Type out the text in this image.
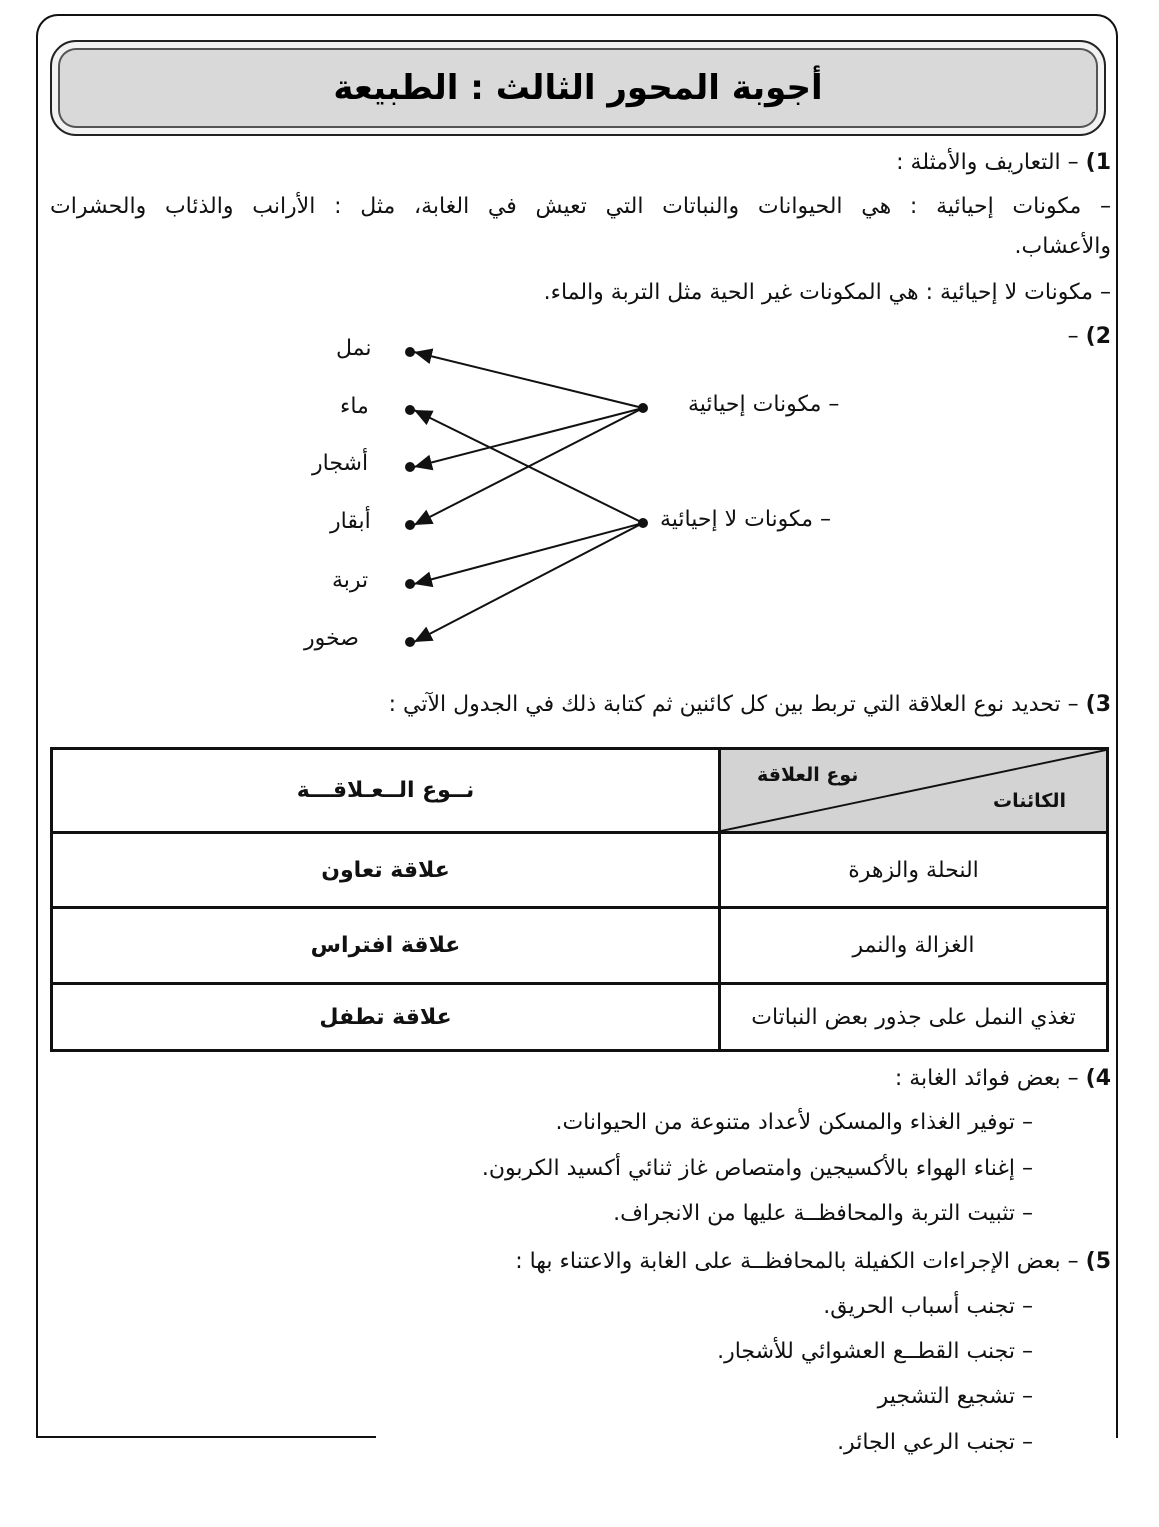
أجوبة المحور الثالث : الطبيعة
1) – التعاريف والأمثلة :
– مكونات إحيائية : هي الحيوانات والنباتات التي تعيش في الغابة، مثل : الأرانب والذئاب والحشرات
والأعشاب.
– مكونات لا إحيائية : هي المكونات غير الحية مثل التربة والماء.
2) –
نمل
ماء
أشجار
أبقار
تربة
صخور
– مكونات إحيائية
– مكونات لا إحيائية
3) – تحديد نوع العلاقة التي تربط بين كل كائنين ثم كتابة ذلك في الجدول الآتي :
نوع العلاقة
الكائنات	نــوع الــعـلاقـــة
النحلة والزهرة	علاقة تعاون
الغزالة والنمر	علاقة افتراس
تغذي النمل على جذور بعض النباتات	علاقة تطفل
4) – بعض فوائد الغابة :
– توفير الغذاء والمسكن لأعداد متنوعة من الحيوانات.
– إغناء الهواء بالأكسيجين وامتصاص غاز ثنائي أكسيد الكربون.
– تثبيت التربة والمحافظــة عليها من الانجراف.
5) – بعض الإجراءات الكفيلة بالمحافظــة على الغابة والاعتناء بها :
– تجنب أسباب الحريق.
– تجنب القطــع العشوائي للأشجار.
– تشجيع التشجير
– تجنب الرعي الجائر.
